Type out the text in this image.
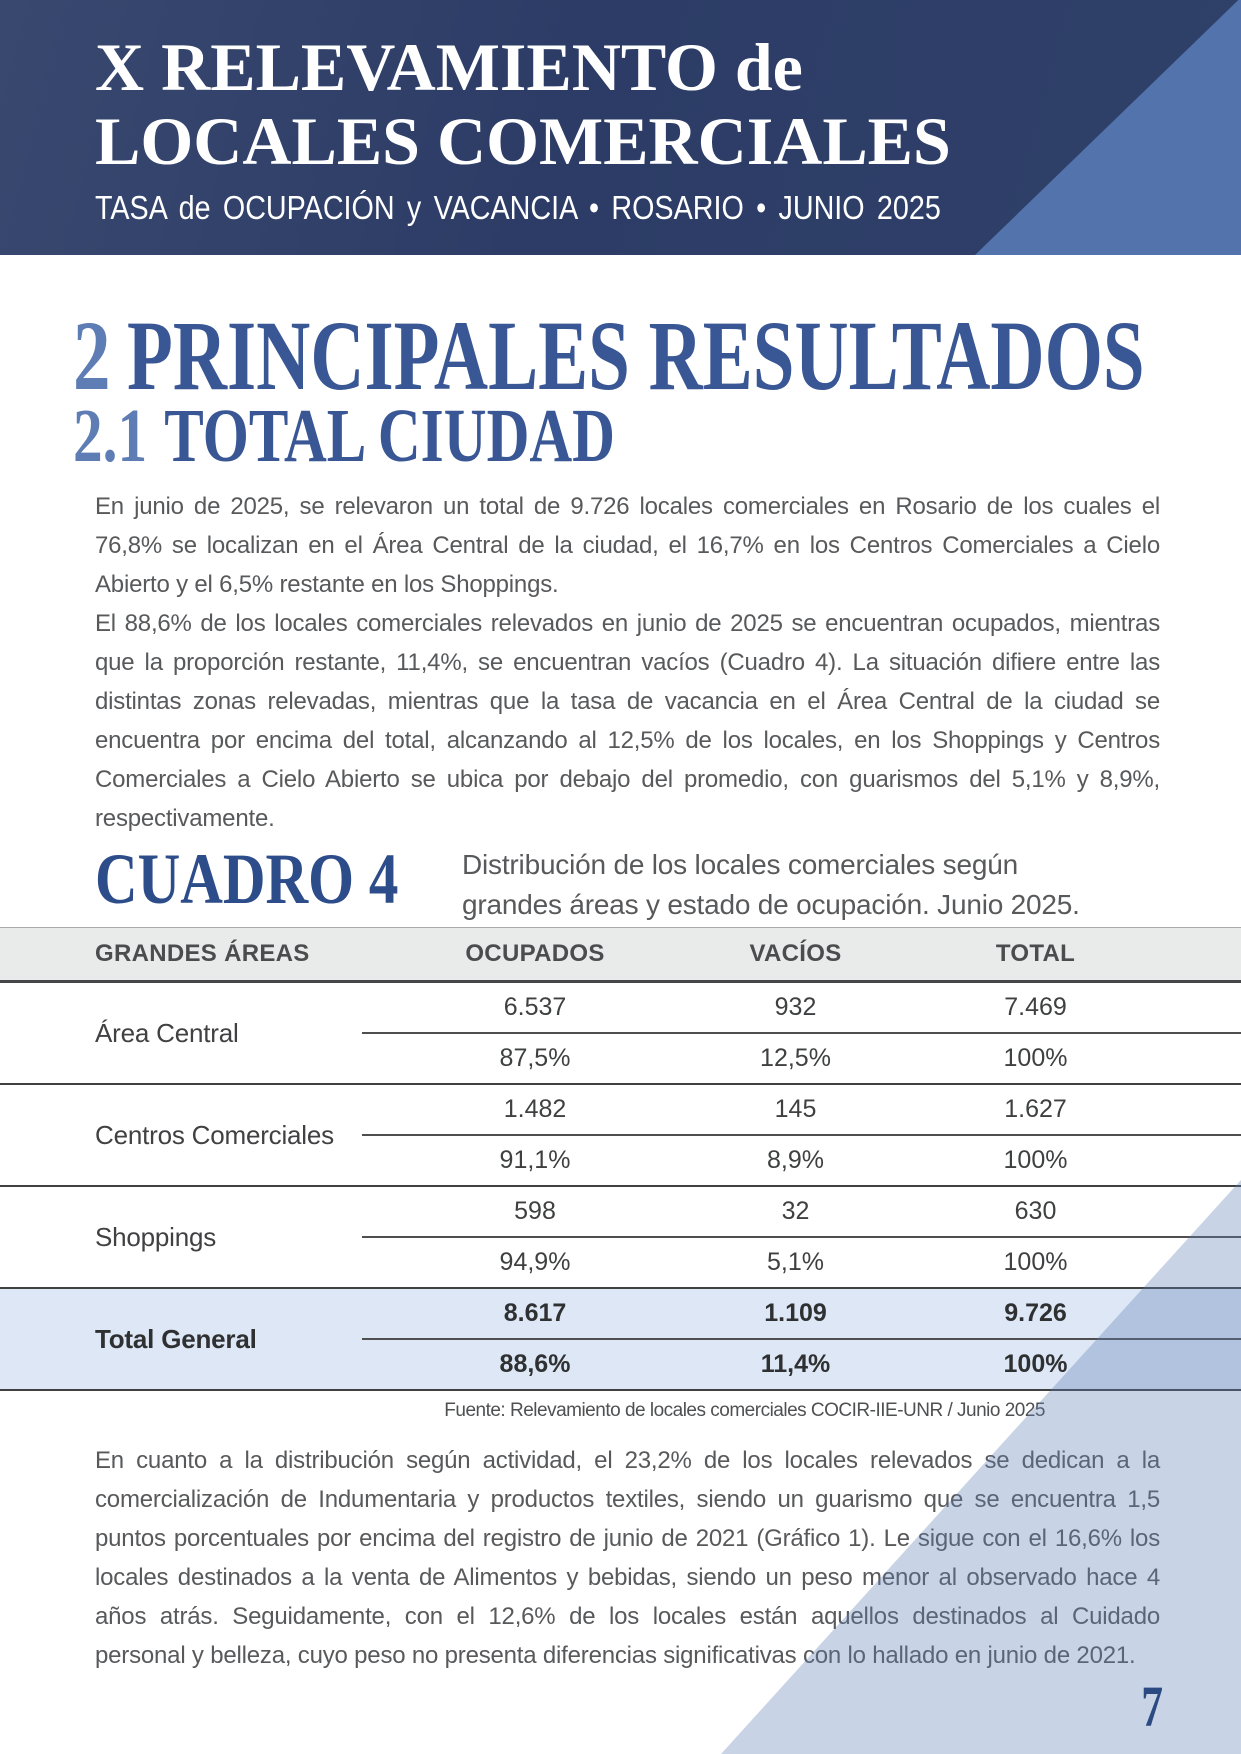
X RELEVAMIENTO de
LOCALES COMERCIALES
TASA de OCUPACIÓN y VACANCIA • ROSARIO • JUNIO 2025
2 PRINCIPALES RESULTADOS
2.1 TOTAL CIUDAD
En junio de 2025, se relevaron un total de 9.726 locales comerciales en Rosario de los cuales el 76,8% se localizan en el Área Central de la ciudad, el 16,7% en los Centros Comerciales a Cielo Abierto y el 6,5% restante en los Shoppings.
El 88,6% de los locales comerciales relevados en junio de 2025 se encuentran ocupados, mientras que la proporción restante, 11,4%, se encuentran vacíos (Cuadro 4). La situación difiere entre las distintas zonas relevadas, mientras que la tasa de vacancia en el Área Central de la ciudad se encuentra por encima del total, alcanzando al 12,5% de los locales, en los Shoppings y Centros Comerciales a Cielo Abierto se ubica por debajo del promedio, con guarismos del 5,1% y 8,9%, respectivamente.
CUADRO 4 Distribución de los locales comerciales según
grandes áreas y estado de ocupación. Junio 2025.
GRANDES ÁREAS	OCUPADOS	VACÍOS	TOTAL
Área Central
6.537	932	7.469
87,5%	12,5%	100%
Centros Comerciales
1.482	145	1.627
91,1%	8,9%	100%
Shoppings
598	32	630
94,9%	5,1%	100%
Total General
8.617	1.109	9.726
88,6%	11,4%	100%
Fuente: Relevamiento de locales comerciales COCIR-IIE-UNR / Junio 2025
En cuanto a la distribución según actividad, el 23,2% de los locales relevados se dedican a la comercialización de Indumentaria y productos textiles, siendo un guarismo que se encuentra 1,5 puntos porcentuales por encima del registro de junio de 2021 (Gráfico 1). Le sigue con el 16,6% los locales destinados a la venta de Alimentos y bebidas, siendo un peso menor al observado hace 4 años atrás. Seguidamente, con el 12,6% de los locales están aquellos destinados al Cuidado personal y belleza, cuyo peso no presenta diferencias significativas con lo hallado en junio de 2021.
7
